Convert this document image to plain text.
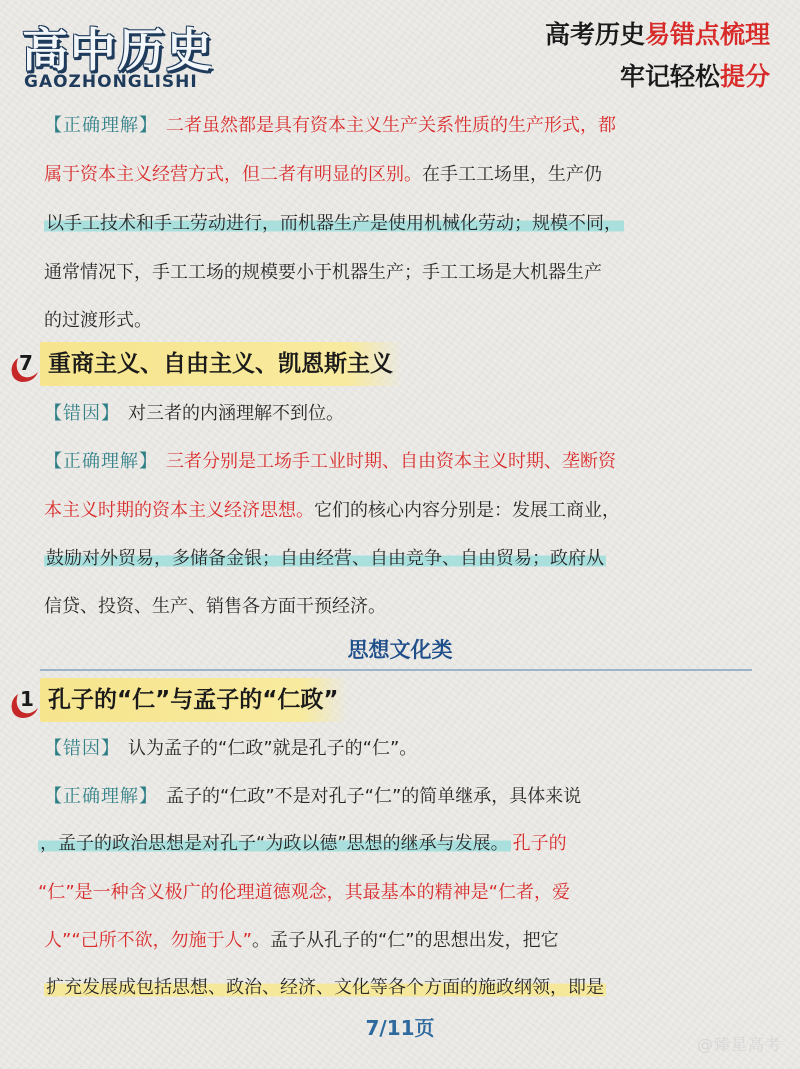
高中历史
GAOZHONGLISHI
高考历史易错点梳理
牢记轻松提分
【正确理解】 二者虽然都是具有资本主义生产关系性质的生产形式，都
属于资本主义经营方式，但二者有明显的区别。在手工工场里，生产仍
以手工技术和手工劳动进行，而机器生产是使用机械化劳动；规模不同，
通常情况下，手工工场的规模要小于机器生产；手工工场是大机器生产
的过渡形式。
7 重商主义、自由主义、凯恩斯主义
【错因】 对三者的内涵理解不到位。
【正确理解】 三者分别是工场手工业时期、自由资本主义时期、垄断资
本主义时期的资本主义经济思想。它们的核心内容分别是：发展工商业，
鼓励对外贸易，多储备金银；自由经营、自由竞争、自由贸易；政府从
信贷、投资、生产、销售各方面干预经济。
思想文化类
1 孔子的“仁”与孟子的“仁政”
【错因】 认为孟子的“仁政”就是孔子的“仁”。
【正确理解】 孟子的“仁政”不是对孔子“仁”的简单继承，具体来说
，孟子的政治思想是对孔子“为政以德”思想的继承与发展。 孔子的
“仁”是一种含义极广的伦理道德观念，其最基本的精神是“仁者，爱
人”“己所不欲，勿施于人”。孟子从孔子的“仁”的思想出发，把它
扩充发展成包括思想、政治、经济、文化等各个方面的施政纲领，即是
7/11页
@臻星高考
